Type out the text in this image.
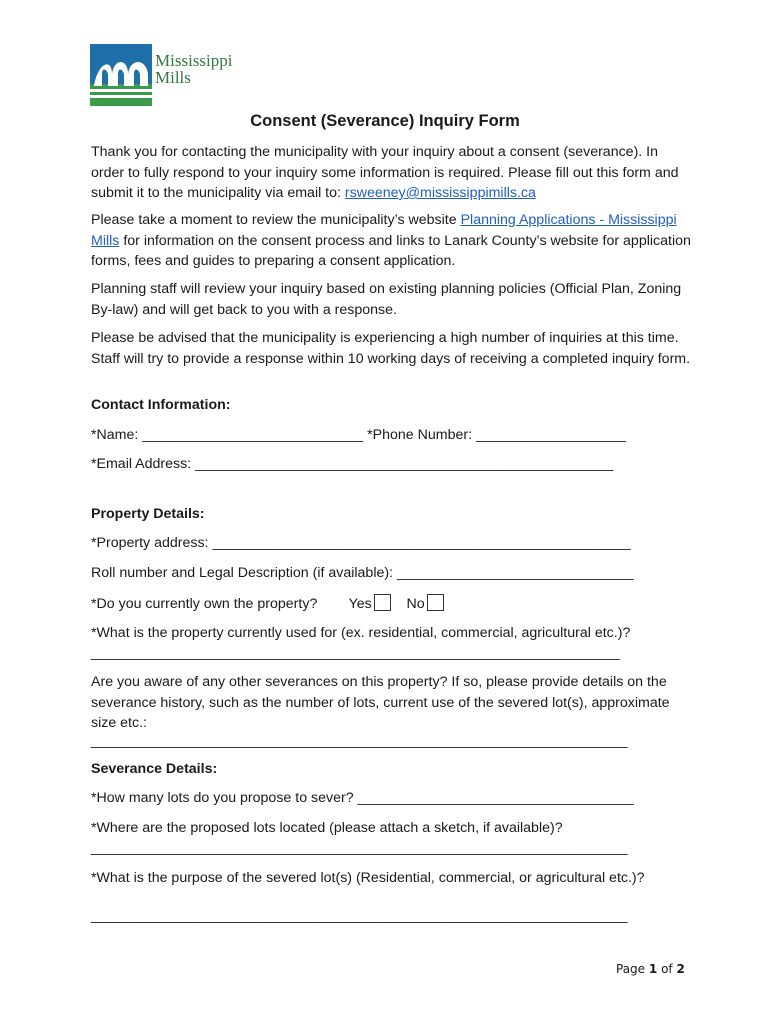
Mississippi
Mills
Consent (Severance) Inquiry Form

Thank you for contacting the municipality with your inquiry about a consent (severance). In order to fully respond to your inquiry some information is required. Please fill out this form and submit it to the municipality via email to: rsweeney@mississippimills.ca

Please take a moment to review the municipality’s website Planning Applications - Mississippi Mills for information on the consent process and links to Lanark County’s website for application forms, fees and guides to preparing a consent application.

Planning staff will review your inquiry based on existing planning policies (Official Plan, Zoning By-law) and will get back to you with a response.

Please be advised that the municipality is experiencing a high number of inquiries at this time. Staff will try to provide a response within 10 working days of receiving a completed inquiry form.

Contact Information:
*Name: ____________________________ *Phone Number: ___________________
*Email Address: _____________________________________________________
Property Details:
*Property address: _____________________________________________________
Roll number and Legal Description (if available): ______________________________
*Do you currently own the property? Yes No
*What is the property currently used for (ex. residential, commercial, agricultural etc.)?
___________________________________________________________________

Are you aware of any other severances on this property? If so, please provide details on the severance history, such as the number of lots, current use of the severed lot(s), approximate size etc.:

____________________________________________________________________
Severance Details:
*How many lots do you propose to sever? ___________________________________
*Where are the proposed lots located (please attach a sketch, if available)?
____________________________________________________________________

*What is the purpose of the severed lot(s) (Residential, commercial, or agricultural etc.)?

____________________________________________________________________
Page 1 of 2
